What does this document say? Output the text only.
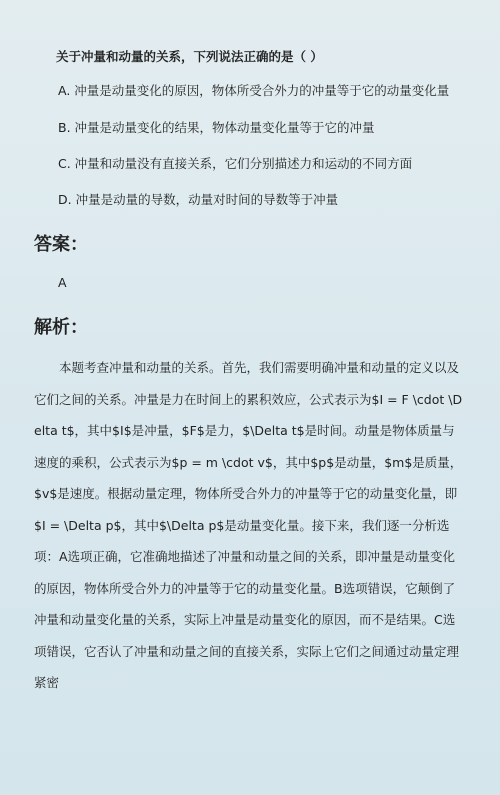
关于冲量和动量的关系，下列说法正确的是（ ）
A. 冲量是动量变化的原因，物体所受合外力的冲量等于它的动量变化量
B. 冲量是动量变化的结果，物体动量变化量等于它的冲量
C. 冲量和动量没有直接关系，它们分别描述力和运动的不同方面
D. 冲量是动量的导数，动量对时间的导数等于冲量
答案：
A
解析：
本题考查冲量和动量的关系。首先，我们需要明确冲量和动量的定义以及它们之间的关系。冲量是力在时间上的累积效应，公式表示为$I = F \cdot \Delta t$，其中$I$是冲量，$F$是力，$\Delta t$是时间。动量是物体质量与速度的乘积，公式表示为$p = m \cdot v$，其中$p$是动量，$m$是质量，$v$是速度。根据动量定理，物体所受合外力的冲量等于它的动量变化量，即$I = \Delta p$，其中$\Delta p$是动量变化量。接下来，我们逐一分析选项：A选项正确，它准确地描述了冲量和动量之间的关系，即冲量是动量变化的原因，物体所受合外力的冲量等于它的动量变化量。B选项错误，它颠倒了冲量和动量变化量的关系，实际上冲量是动量变化的原因，而不是结果。C选项错误，它否认了冲量和动量之间的直接关系，实际上它们之间通过动量定理紧密
